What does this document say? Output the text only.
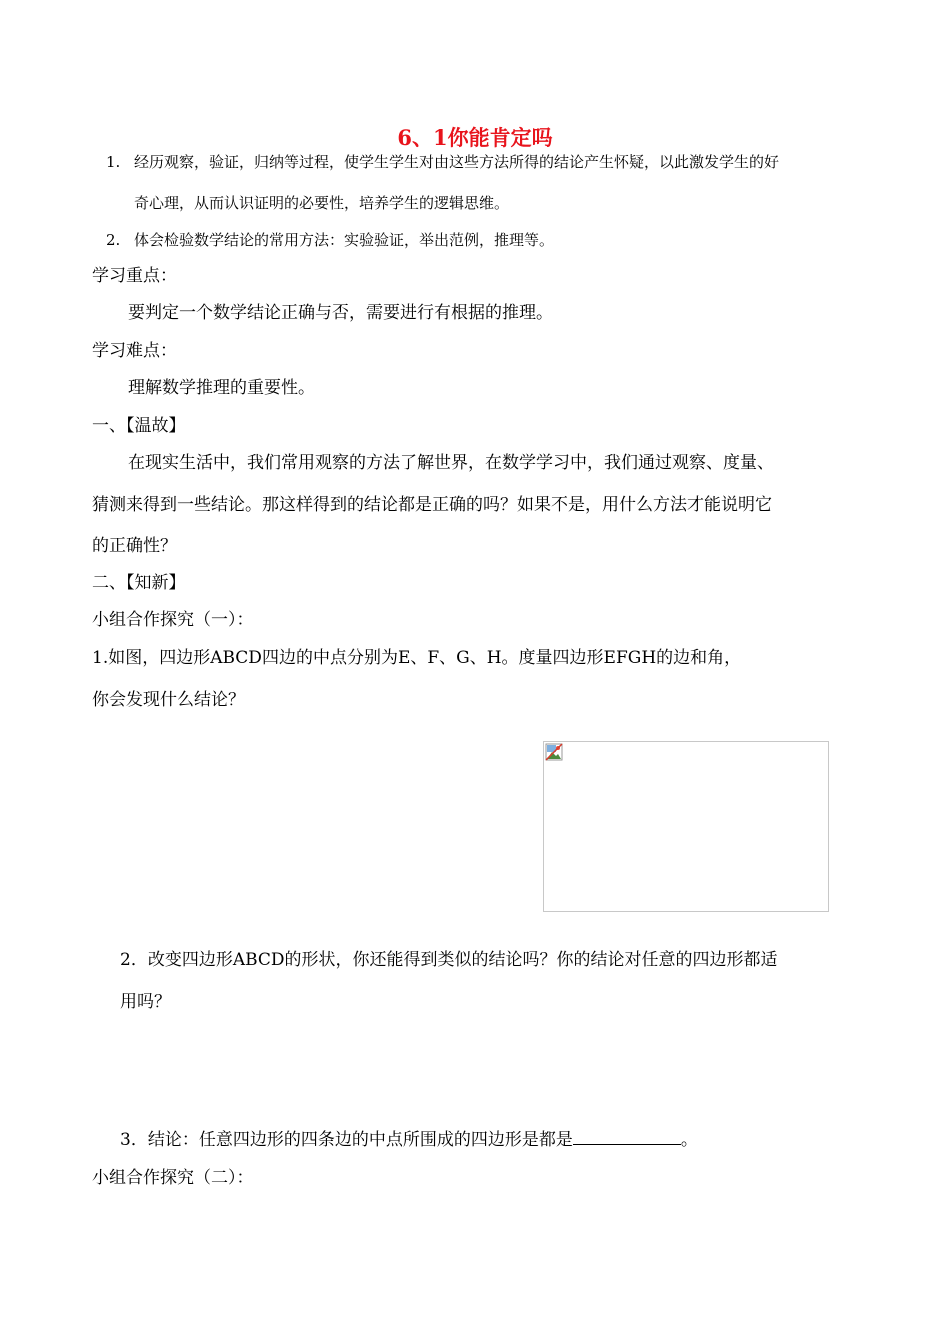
6、1你能肯定吗
1. 经历观察，验证，归纳等过程，使学生学生对由这些方法所得的结论产生怀疑，以此激发学生的好
奇心理，从而认识证明的必要性，培养学生的逻辑思维。
2. 体会检验数学结论的常用方法：实验验证，举出范例，推理等。
学习重点：
要判定一个数学结论正确与否，需要进行有根据的推理。
学习难点：
理解数学推理的重要性。
一、【温故】
在现实生活中，我们常用观察的方法了解世界，在数学学习中，我们通过观察、度量、
猜测来得到一些结论。那这样得到的结论都是正确的吗？如果不是，用什么方法才能说明它
的正确性？
二、【知新】
小组合作探究（一）：
1.如图，四边形ABCD四边的中点分别为E、F、G、H。度量四边形EFGH的边和角，
你会发现什么结论？
2．改变四边形ABCD的形状，你还能得到类似的结论吗？你的结论对任意的四边形都适
用吗？
3．结论：任意四边形的四条边的中点所围成的四边形是都是	。
小组合作探究（二）：
